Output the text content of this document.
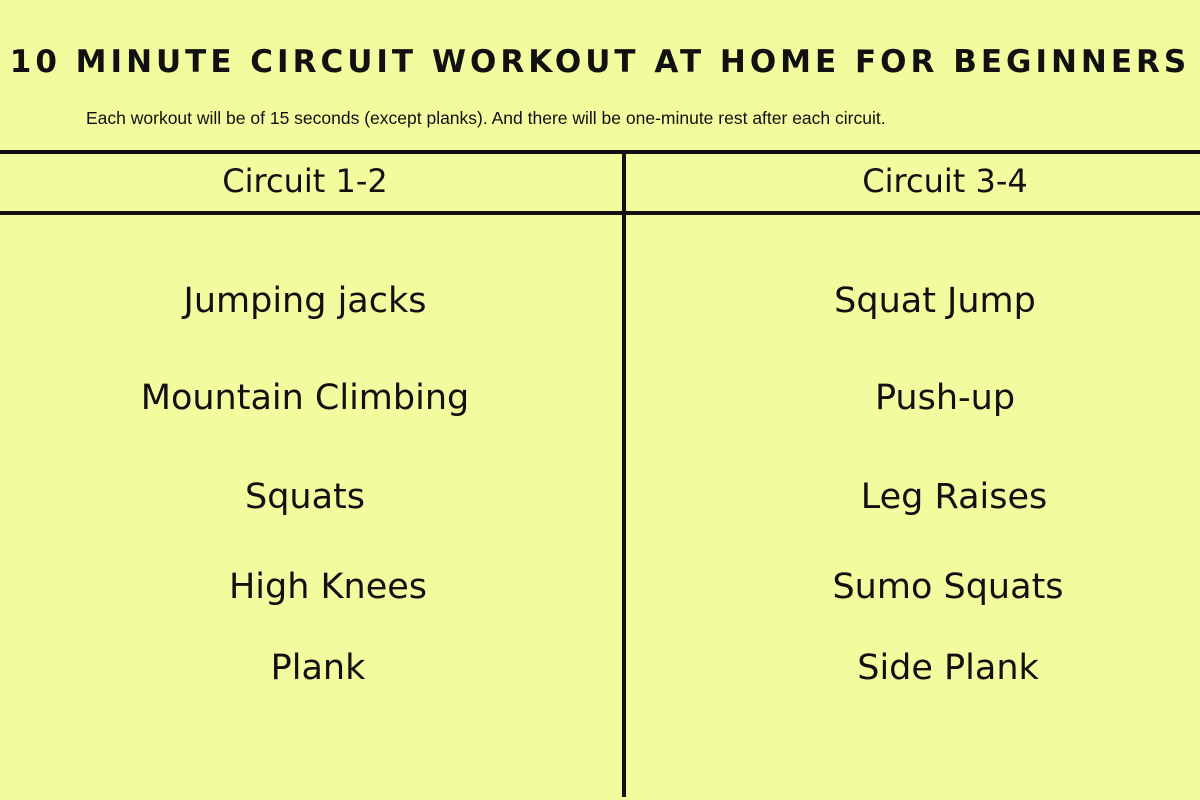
10 MINUTE CIRCUIT WORKOUT AT HOME FOR BEGINNERS
Each workout will be of 15 seconds (except planks). And there will be one-minute rest after each circuit.
Circuit 1-2	Circuit 3-4
Jumping jacks
Mountain Climbing
Squats
High Knees
Plank
Squat Jump
Push-up
Leg Raises
Sumo Squats
Side Plank
